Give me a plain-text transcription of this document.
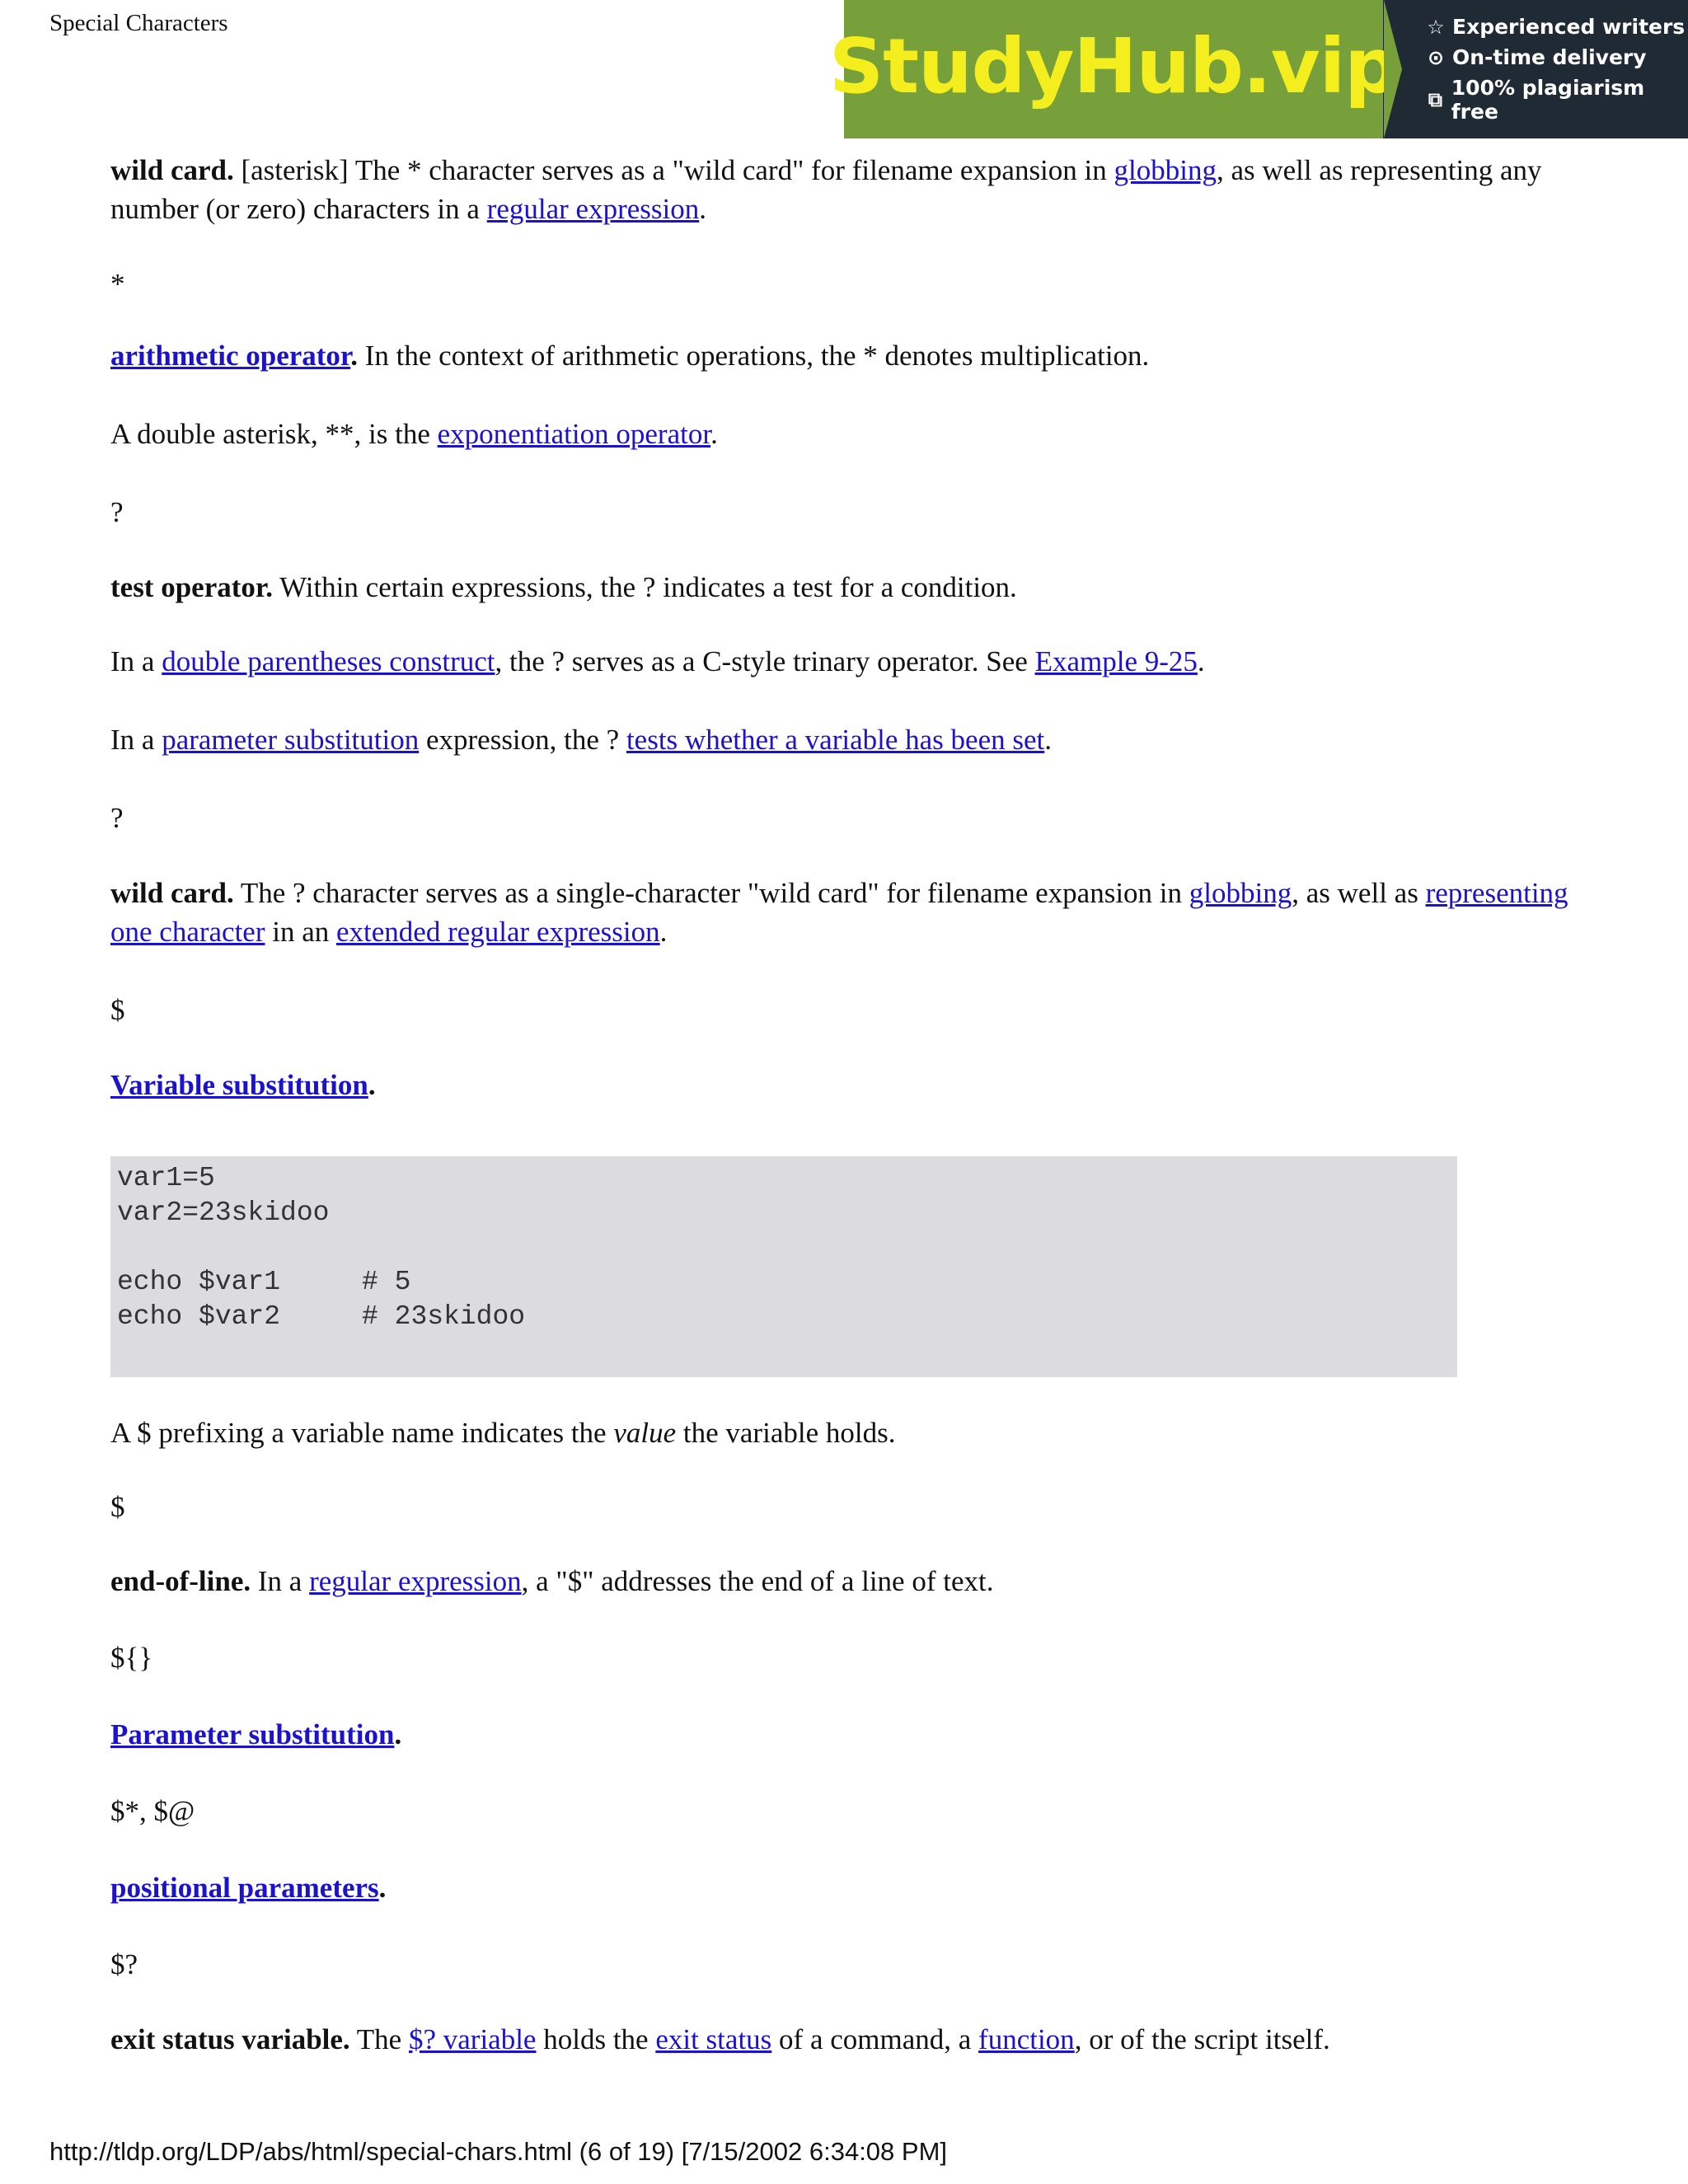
Special Characters	StudyHub.vip ☆ Experienced writers
⊙ On-time delivery
⧉ 100% plagiarism free

wild card. [asterisk] The * character serves as a "wild card" for filename expansion in globbing, as well as representing any number (or zero) characters in a regular expression.

*

arithmetic operator. In the context of arithmetic operations, the * denotes multiplication.

A double asterisk, **, is the exponentiation operator.

?

test operator. Within certain expressions, the ? indicates a test for a condition.

In a double parentheses construct, the ? serves as a C-style trinary operator. See Example 9-25.

In a parameter substitution expression, the ? tests whether a variable has been set.

?

wild card. The ? character serves as a single-character "wild card" for filename expansion in globbing, as well as representing one character in an extended regular expression.

$

Variable substitution.

var1=5
var2=23skidoo

echo $var1     # 5
echo $var2     # 23skidoo

A $ prefixing a variable name indicates the value the variable holds.

$

end-of-line. In a regular expression, a "$" addresses the end of a line of text.

${}

Parameter substitution.

$*, $@

positional parameters.

$?

exit status variable. The $? variable holds the exit status of a command, a function, or of the script itself.

http://tldp.org/LDP/abs/html/special-chars.html (6 of 19) [7/15/2002 6:34:08 PM]
